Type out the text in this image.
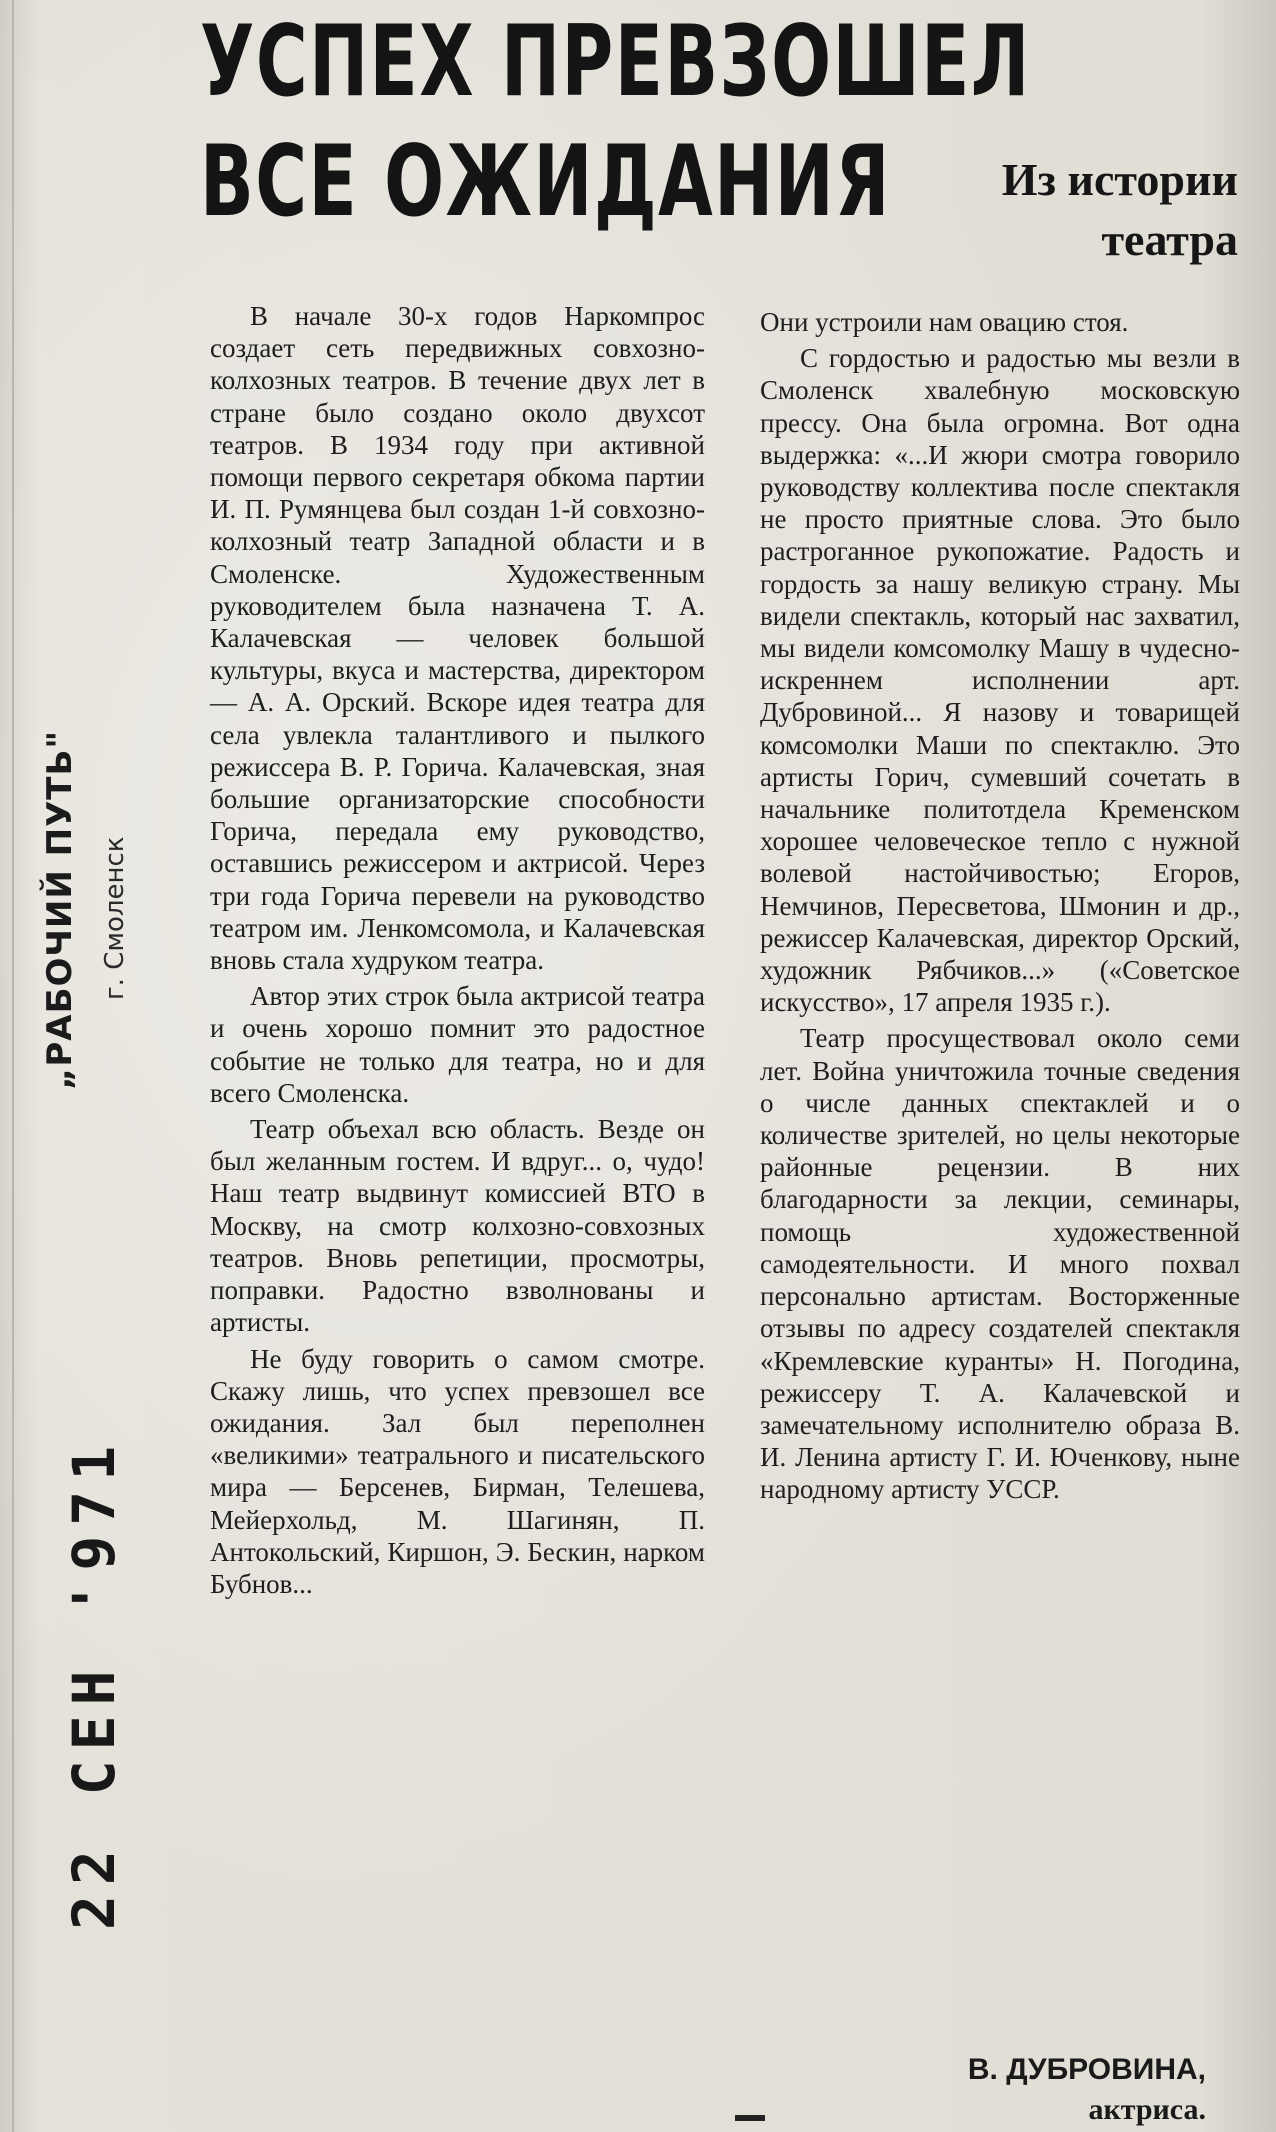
УСПЕХ ПРЕВЗОШЕЛ
ВСЕ ОЖИДАНИЯ Из истории
театра

В начале 30-х годов Наркомпрос создает сеть передвижных совхозно-колхозных театров. В течение двух лет в стране было создано около двухсот театров. В 1934 году при активной помощи первого секретаря обкома партии И. П. Румянцева был создан 1-й совхозно-колхозный театр Западной области и в Смоленске. Художественным руководителем была назначена Т. А. Калачевская — человек большой культуры, вкуса и мастерства, директором — А. А. Орский. Вскоре идея театра для села увлекла талантливого и пылкого режиссера В. Р. Горича. Калачевская, зная большие организаторские способности Горича, передала ему руководство, оставшись режиссером и актрисой. Через три года Горича перевели на руководство театром им. Ленкомсомола, и Калачевская вновь стала худруком театра.

Автор этих строк была актрисой театра и очень хорошо помнит это радостное событие не только для театра, но и для всего Смоленска.

Театр объехал всю область. Везде он был желанным гостем. И вдруг... о, чудо! Наш театр выдвинут комиссией ВТО в Москву, на смотр колхозно-совхозных театров. Вновь репетиции, просмотры, поправки. Радостно взволнованы и артисты.

Не буду говорить о самом смотре. Скажу лишь, что успех превзошел все ожидания. Зал был переполнен «великими» театрального и писательского мира — Берсенев, Бирман, Телешева, Мейерхольд, М. Шагинян, П. Антокольский, Киршон, Э. Бескин, нарком Бубнов...

Они устроили нам овацию стоя.

С гордостью и радостью мы везли в Смоленск хвалебную московскую прессу. Она была огромна. Вот одна выдержка: «...И жюри смотра говорило руководству коллектива после спектакля не просто приятные слова. Это было растроганное рукопожатие. Радость и гордость за нашу великую страну. Мы видели спектакль, который нас захватил, мы видели комсомолку Машу в чудесно-искреннем исполнении арт. Дубровиной... Я назову и товарищей комсомолки Маши по спектаклю. Это артисты Горич, сумевший сочетать в начальнике политотдела Кременском хорошее человеческое тепло с нужной волевой настойчивостью; Егоров, Немчинов, Пересветова, Шмонин и др., режиссер Калачевская, директор Орский, художник Рябчиков...» («Советское искусство», 17 апреля 1935 г.).

Театр просуществовал около семи лет. Война уничтожила точные сведения о числе данных спектаклей и о количестве зрителей, но целы некоторые районные рецензии. В них благодарности за лекции, семинары, помощь художественной самодеятельности. И много похвал персонально артистам. Восторженные отзывы по адресу создателей спектакля «Кремлевские куранты» Н. Погодина, режиссеру Т. А. Калачевской и замечательному исполнителю образа В. И. Ленина артисту Г. И. Юченкову, ныне народному артисту УССР.

В. ДУБРОВИНА,
актриса.
„РАБОЧИЙ ПУТЬ" г. Смоленск
22 СЕН '971
